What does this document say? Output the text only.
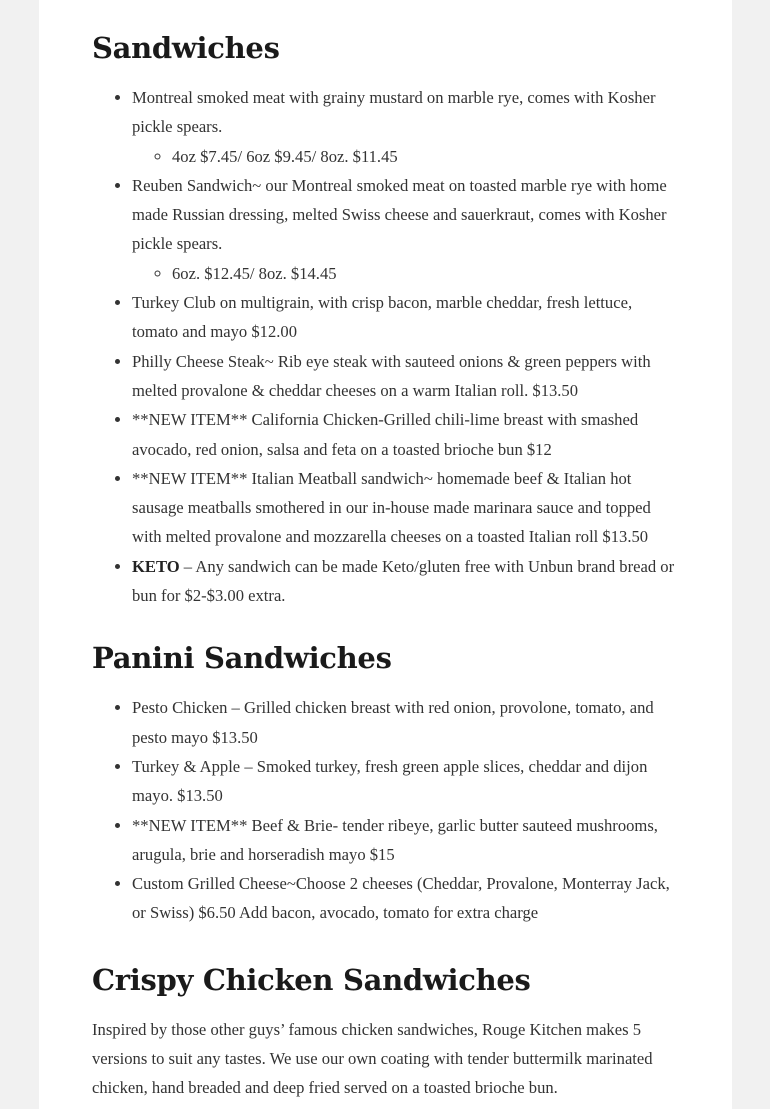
Sandwiches
• Montreal smoked meat with grainy mustard on marble rye, comes with Kosher pickle spears.
◦ 4oz $7.45/ 6oz $9.45/ 8oz. $11.45
• Reuben Sandwich~ our Montreal smoked meat on toasted marble rye with home made Russian dressing, melted Swiss cheese and sauerkraut, comes with Kosher pickle spears.
◦ 6oz. $12.45/ 8oz. $14.45
• Turkey Club on multigrain, with crisp bacon, marble cheddar, fresh lettuce, tomato and mayo $12.00
• Philly Cheese Steak~ Rib eye steak with sauteed onions & green peppers with melted provalone & cheddar cheeses on a warm Italian roll. $13.50
• **NEW ITEM** California Chicken-Grilled chili-lime breast with smashed avocado, red onion, salsa and feta on a toasted brioche bun $12
• **NEW ITEM** Italian Meatball sandwich~ homemade beef & Italian hot sausage meatballs smothered in our in-house made marinara sauce and topped with melted provalone and mozzarella cheeses on a toasted Italian roll $13.50
• KETO – Any sandwich can be made Keto/gluten free with Unbun brand bread or bun for $2-$3.00 extra.
Panini Sandwiches
• Pesto Chicken – Grilled chicken breast with red onion, provolone, tomato, and pesto mayo $13.50
• Turkey & Apple – Smoked turkey, fresh green apple slices, cheddar and dijon mayo. $13.50
• **NEW ITEM** Beef & Brie- tender ribeye, garlic butter sauteed mushrooms, arugula, brie and horseradish mayo $15
• Custom Grilled Cheese~Choose 2 cheeses (Cheddar, Provalone, Monterray Jack, or Swiss) $6.50 Add bacon, avocado, tomato for extra charge
Crispy Chicken Sandwiches

Inspired by those other guys’ famous chicken sandwiches, Rouge Kitchen makes 5 versions to suit any tastes. We use our own coating with tender buttermilk marinated chicken, hand breaded and deep fried served on a toasted brioche bun.
